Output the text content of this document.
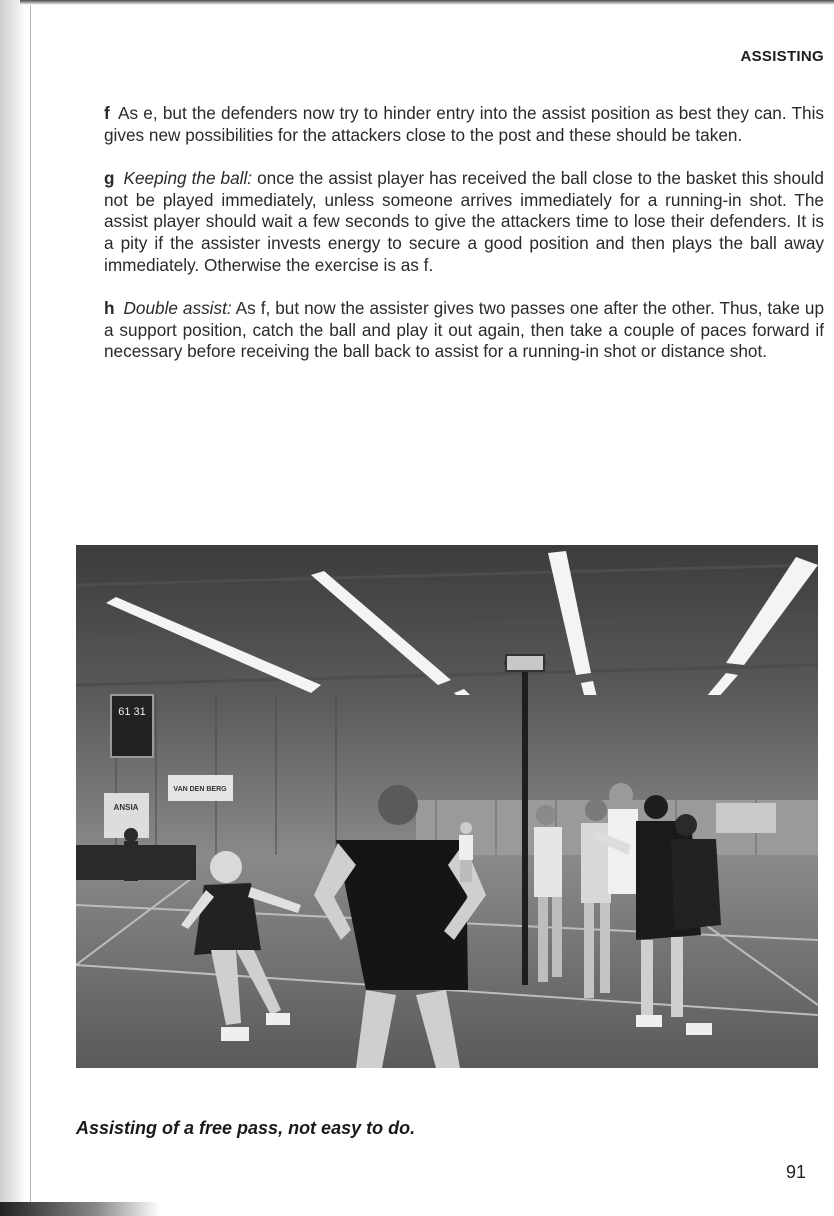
ASSISTING

f As e, but the defenders now try to hinder entry into the assist position as best they can. This gives new possibilities for the attackers close to the post and these should be taken.

g Keeping the ball: once the assist player has received the ball close to the basket this should not be played immediately, unless someone arrives immediately for a running-in shot. The assist player should wait a few seconds to give the attackers time to lose their defenders. It is a pity if the assister invests energy to secure a good position and then plays the ball away immediately. Otherwise the exercise is as f.

h Double assist: As f, but now the assister gives two passes one after the other. Thus, take up a support position, catch the ball and play it out again, then take a couple of paces forward if necessary before receiving the ball back to assist for a running-in shot or distance shot.

61 31
ANSIA
VAN DEN BERG
Assisting of a free pass, not easy to do.
91
